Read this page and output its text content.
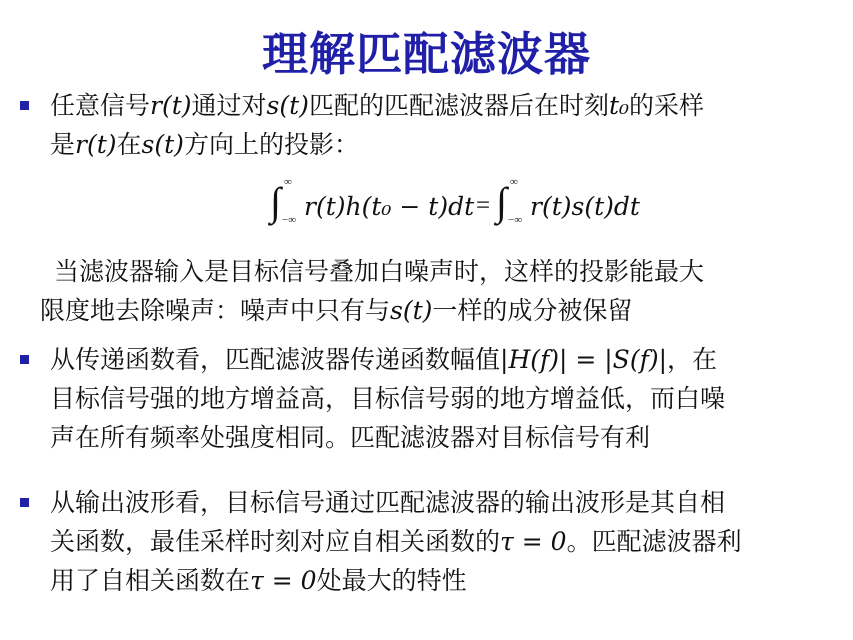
理解匹配滤波器
任意信号r(t)通过对s(t)匹配的匹配滤波器后在时刻t₀的采样
是r(t)在s(t)方向上的投影：
∫ ∞
−∞ r(t)h(t₀ − t)dt = ∫ ∞
−∞ r(t)s(t)dt
当滤波器输入是目标信号叠加白噪声时，这样的投影能最大
限度地去除噪声：噪声中只有与s(t)一样的成分被保留
从传递函数看，匹配滤波器传递函数幅值|H(f)| = |S(f)|，在
目标信号强的地方增益高，目标信号弱的地方增益低，而白噪
声在所有频率处强度相同。匹配滤波器对目标信号有利
从输出波形看，目标信号通过匹配滤波器的输出波形是其自相
关函数，最佳采样时刻对应自相关函数的τ = 0。匹配滤波器利
用了自相关函数在τ = 0处最大的特性
